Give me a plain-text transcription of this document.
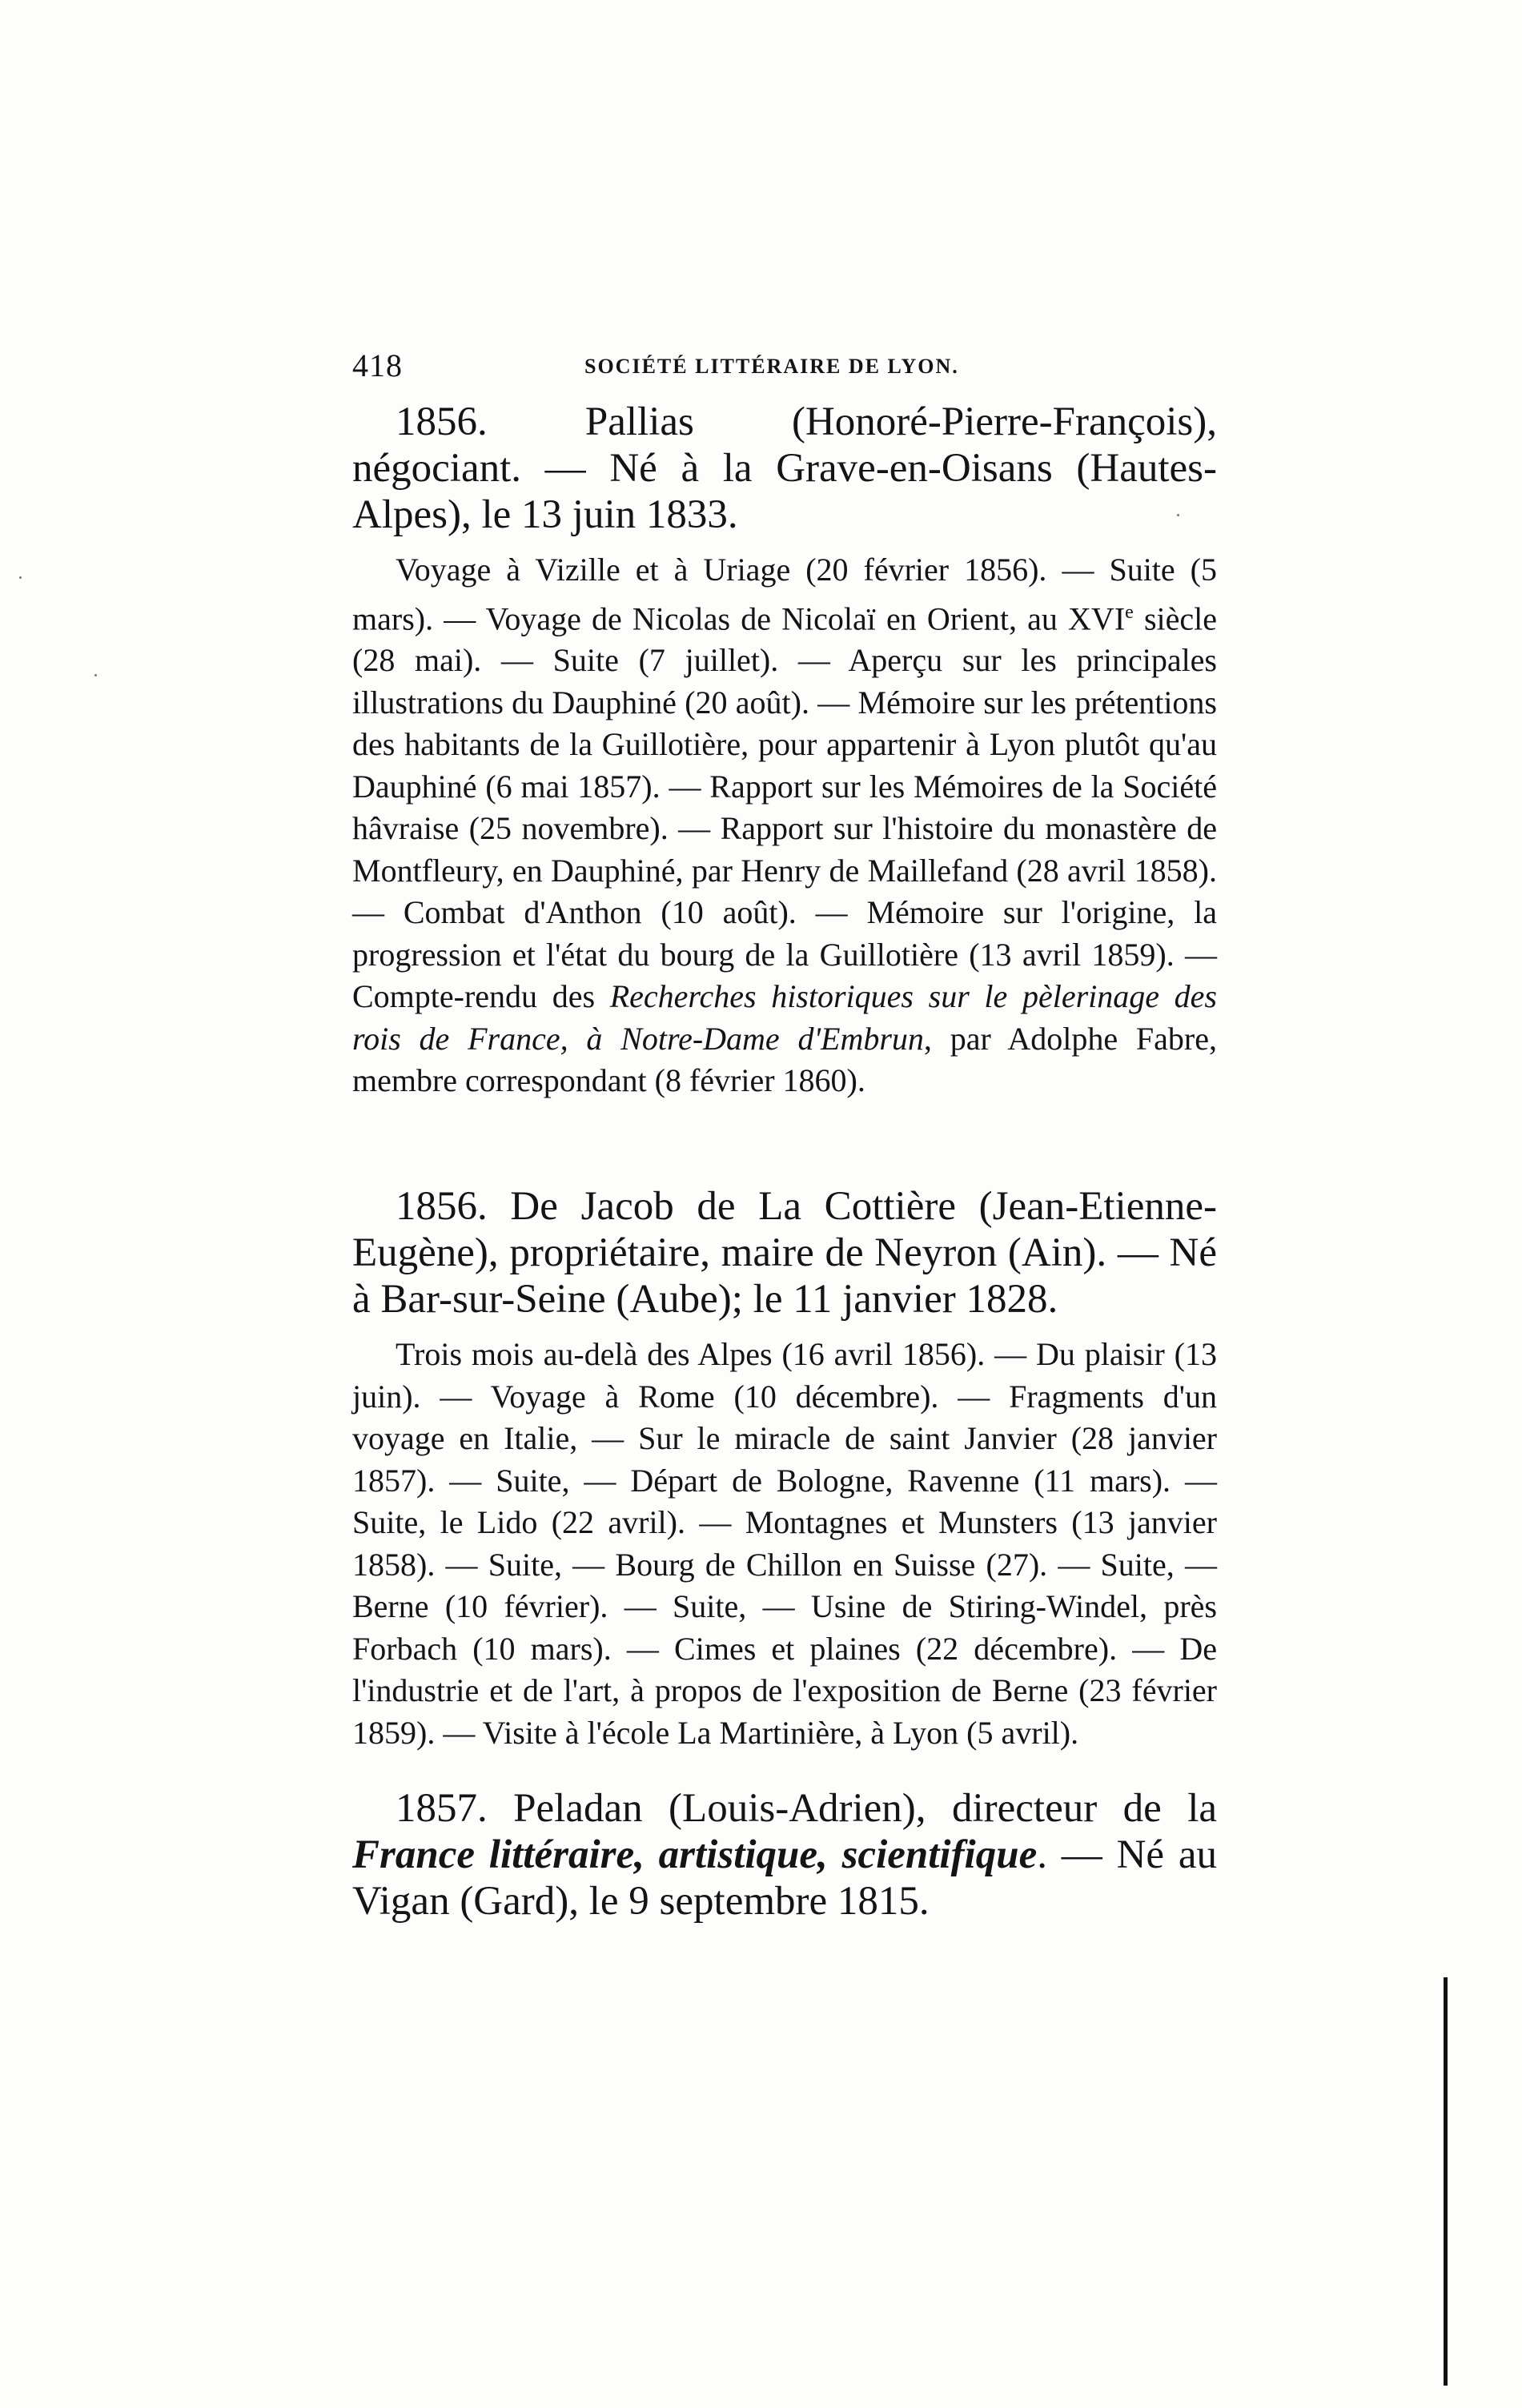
418	SOCIÉTÉ LITTÉRAIRE DE LYON.

1856. Pallias (Honoré-Pierre-François), négociant. — Né à la Grave-en-Oisans (Hautes-Alpes), le 13 juin 1833.

Voyage à Vizille et à Uriage (20 février 1856). — Suite (5 mars). — Voyage de Nicolas de Nicolaï en Orient, au XVIe siècle (28 mai). — Suite (7 juillet). — Aperçu sur les principales illustrations du Dauphiné (20 août). — Mémoire sur les prétentions des habitants de la Guillotière, pour appartenir à Lyon plutôt qu'au Dauphiné (6 mai 1857). — Rapport sur les Mémoires de la Société hâvraise (25 novembre). — Rapport sur l'histoire du monastère de Montfleury, en Dauphiné, par Henry de Maillefand (28 avril 1858). — Combat d'Anthon (10 août). — Mémoire sur l'origine, la progression et l'état du bourg de la Guillotière (13 avril 1859). — Compte-rendu des Recherches historiques sur le pèlerinage des rois de France, à Notre-Dame d'Embrun, par Adolphe Fabre, membre correspondant (8 février 1860).

1856. De Jacob de La Cottière (Jean-Etienne-Eugène), propriétaire, maire de Neyron (Ain). — Né à Bar-sur-Seine (Aube); le 11 janvier 1828.

Trois mois au-delà des Alpes (16 avril 1856). — Du plaisir (13 juin). — Voyage à Rome (10 décembre). — Fragments d'un voyage en Italie, — Sur le miracle de saint Janvier (28 janvier 1857). — Suite, — Départ de Bologne, Ravenne (11 mars). — Suite, le Lido (22 avril). — Montagnes et Munsters (13 janvier 1858). — Suite, — Bourg de Chillon en Suisse (27). — Suite, — Berne (10 février). — Suite, — Usine de Stiring-Windel, près Forbach (10 mars). — Cimes et plaines (22 décembre). — De l'industrie et de l'art, à propos de l'exposition de Berne (23 février 1859). — Visite à l'école La Martinière, à Lyon (5 avril).

1857. Peladan (Louis-Adrien), directeur de la France littéraire, artistique, scientifique. — Né au Vigan (Gard), le 9 septembre 1815.
